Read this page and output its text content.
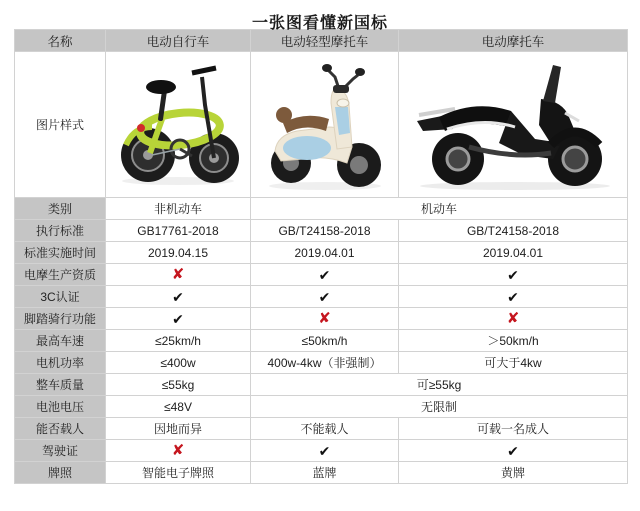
一张图看懂新国标
名称	电动自行车	电动轻型摩托车	电动摩托车
图片样式	

类别	非机动车	机动车	
执行标准	GB17761-2018	GB/T24158-2018	GB/T24158-2018
标准实施时间	2019.04.15	2019.04.01	2019.04.01
电摩生产资质	✘	✔	✔
3C认证	✔	✔	✔
脚踏骑行功能	✔	✘	✘
最高车速	≤25km/h	≤50km/h	＞50km/h
电机功率	≤400w	400w-4kw（非强制）	可大于4kw
整车质量	≤55kg	可≥55kg	
电池电压	≤48V	无限制	
能否载人	因地而异	不能载人	可载一名成人
驾驶证	✘	✔	✔
牌照	智能电子牌照	蓝牌	黄牌
